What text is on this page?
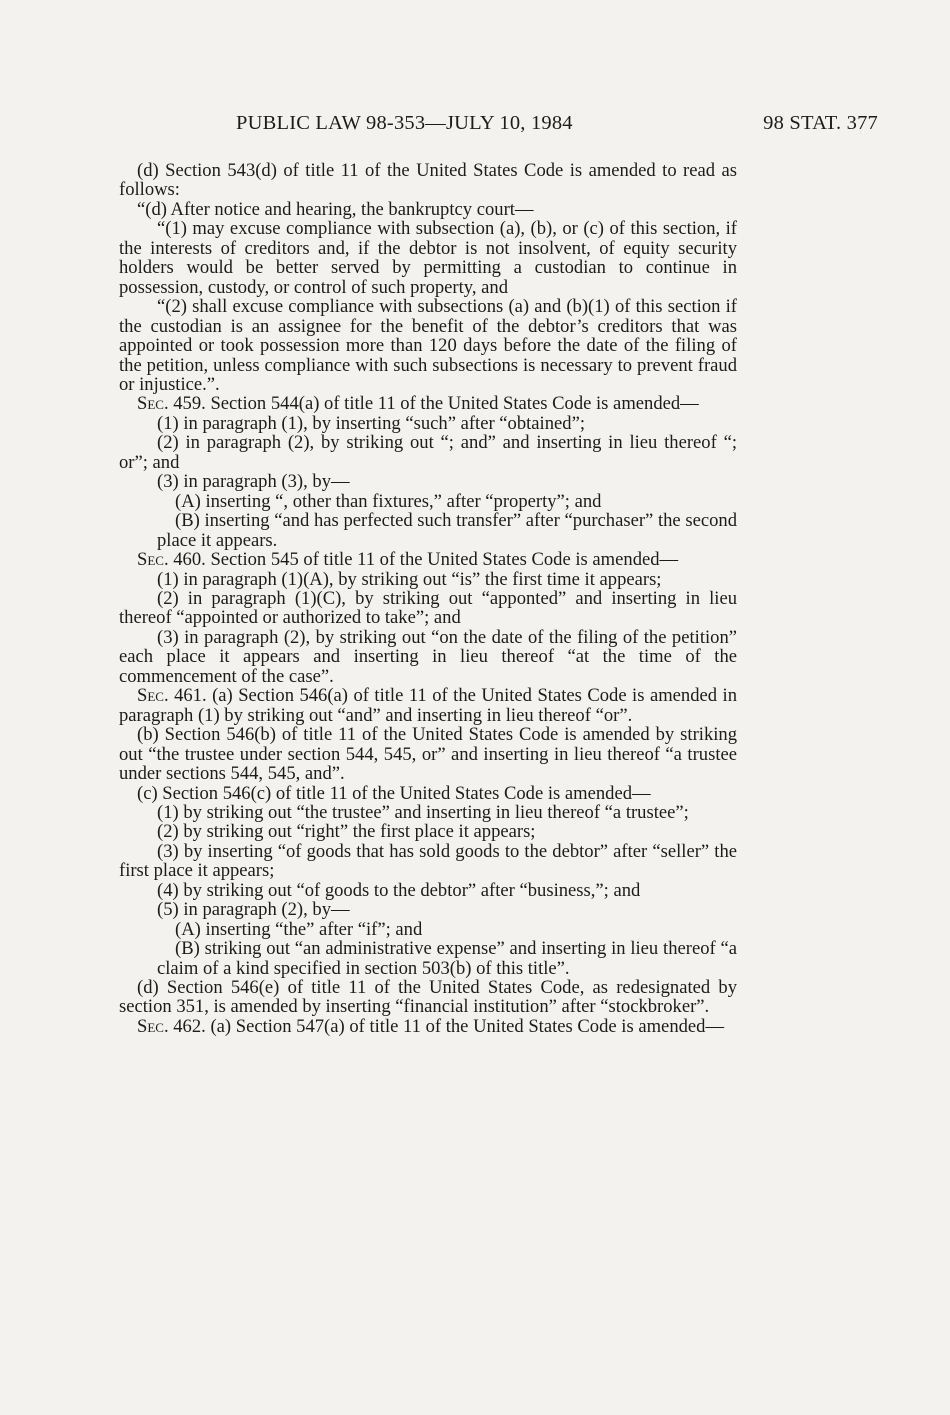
PUBLIC LAW 98-353—JULY 10, 1984	98 STAT. 377

(d) Section 543(d) of title 11 of the United States Code is amended to read as follows:

“(d) After notice and hearing, the bankruptcy court—

“(1) may excuse compliance with subsection (a), (b), or (c) of this section, if the interests of creditors and, if the debtor is not insolvent, of equity security holders would be better served by permitting a custodian to continue in possession, custody, or control of such property, and

“(2) shall excuse compliance with subsections (a) and (b)(1) of this section if the custodian is an assignee for the benefit of the debtor’s creditors that was appointed or took possession more than 120 days before the date of the filing of the petition, unless compliance with such subsections is necessary to prevent fraud or injustice.”.

Sec. 459. Section 544(a) of title 11 of the United States Code is amended—

(1) in paragraph (1), by inserting “such” after “obtained”;

(2) in paragraph (2), by striking out “; and” and inserting in lieu thereof “; or”; and

(3) in paragraph (3), by—

(A) inserting “, other than fixtures,” after “property”; and

(B) inserting “and has perfected such transfer” after “purchaser” the second place it appears.

Sec. 460. Section 545 of title 11 of the United States Code is amended—

(1) in paragraph (1)(A), by striking out “is” the first time it appears;

(2) in paragraph (1)(C), by striking out “apponted” and inserting in lieu thereof “appointed or authorized to take”; and

(3) in paragraph (2), by striking out “on the date of the filing of the petition” each place it appears and inserting in lieu thereof “at the time of the commencement of the case”.

Sec. 461. (a) Section 546(a) of title 11 of the United States Code is amended in paragraph (1) by striking out “and” and inserting in lieu thereof “or”.

(b) Section 546(b) of title 11 of the United States Code is amended by striking out “the trustee under section 544, 545, or” and inserting in lieu thereof “a trustee under sections 544, 545, and”.

(c) Section 546(c) of title 11 of the United States Code is amended—

(1) by striking out “the trustee” and inserting in lieu thereof “a trustee”;

(2) by striking out “right” the first place it appears;

(3) by inserting “of goods that has sold goods to the debtor” after “seller” the first place it appears;

(4) by striking out “of goods to the debtor” after “business,”; and

(5) in paragraph (2), by—

(A) inserting “the” after “if”; and

(B) striking out “an administrative expense” and inserting in lieu thereof “a claim of a kind specified in section 503(b) of this title”.

(d) Section 546(e) of title 11 of the United States Code, as redesignated by section 351, is amended by inserting “financial institution” after “stockbroker”.

Sec. 462. (a) Section 547(a) of title 11 of the United States Code is amended—
